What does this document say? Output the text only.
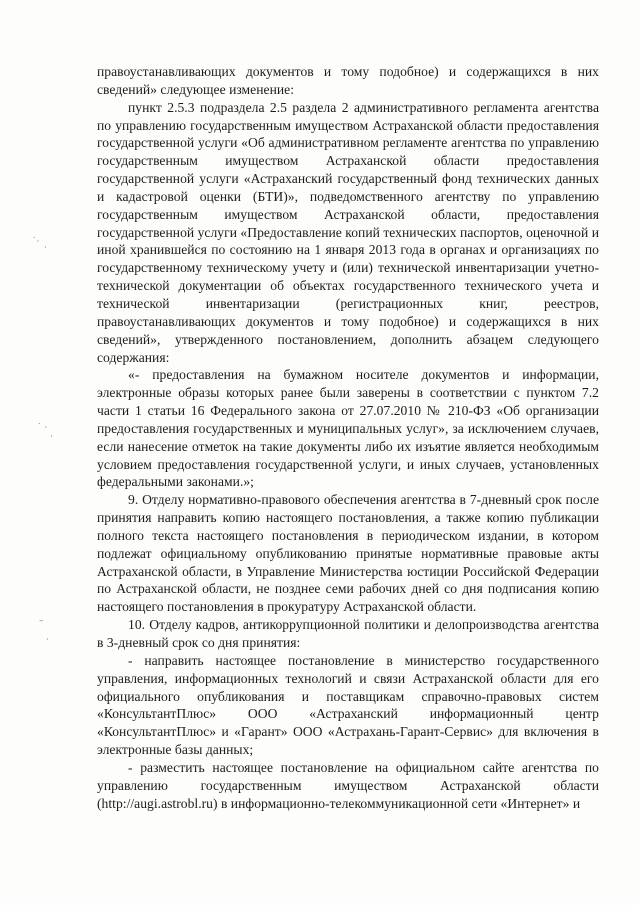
˙·
·
˙ ·
·
–
·

правоустанавливающих документов и тому подобное) и содержащихся в них сведений» следующее изменение:

пункт 2.5.3 подраздела 2.5 раздела 2 административного регламента агентства по управлению государственным имуществом Астраханской области предоставления государственной услуги «Об административном регламенте агентства по управлению государственным имуществом Астраханской области предоставления государственной услуги «Астраханский государственный фонд технических данных и кадастровой оценки (БТИ)», подведомственного агентству по управлению государственным имуществом Астраханской области, предоставления государственной услуги «Предоставление копий технических паспортов, оценочной и иной хранившейся по состоянию на 1 января 2013 года в органах и организациях по государственному техническому учету и (или) технической инвентаризации учетно-технической документации об объектах государственного технического учета и технической инвентаризации (регистрационных книг, реестров, правоустанавливающих документов и тому подобное) и содержащихся в них сведений», утвержденного постановлением, дополнить абзацем следующего содержания:

«- предоставления на бумажном носителе документов и информации, электронные образы которых ранее были заверены в соответствии с пунктом 7.2 части 1 статьи 16 Федерального закона от 27.07.2010 № 210-ФЗ «Об организации предоставления государственных и муниципальных услуг», за исключением случаев, если нанесение отметок на такие документы либо их изъятие является необходимым условием предоставления государственной услуги, и иных случаев, установленных федеральными законами.»;

9. Отделу нормативно-правового обеспечения агентства в 7-дневный срок после принятия направить копию настоящего постановления, а также копию публикации полного текста настоящего постановления в периодическом издании, в котором подлежат официальному опубликованию принятые нормативные правовые акты Астраханской области, в Управление Министерства юстиции Российской Федерации по Астраханской области, не позднее семи рабочих дней со дня подписания копию настоящего постановления в прокуратуру Астраханской области.

10. Отделу кадров, антикоррупционной политики и делопроизводства агентства в 3-дневный срок со дня принятия:

- направить настоящее постановление в министерство государственного управления, информационных технологий и связи Астраханской области для его официального опубликования и поставщикам справочно-правовых систем «КонсультантПлюс» ООО «Астраханский информационный центр «КонсультантПлюс» и «Гарант» ООО «Астрахань-Гарант-Сервис» для включения в электронные базы данных;

- разместить настоящее постановление на официальном сайте агентства по управлению государственным имуществом Астраханской области (http://augi.astrobl.ru) в информационно-телекоммуникационной сети «Интернет» и
